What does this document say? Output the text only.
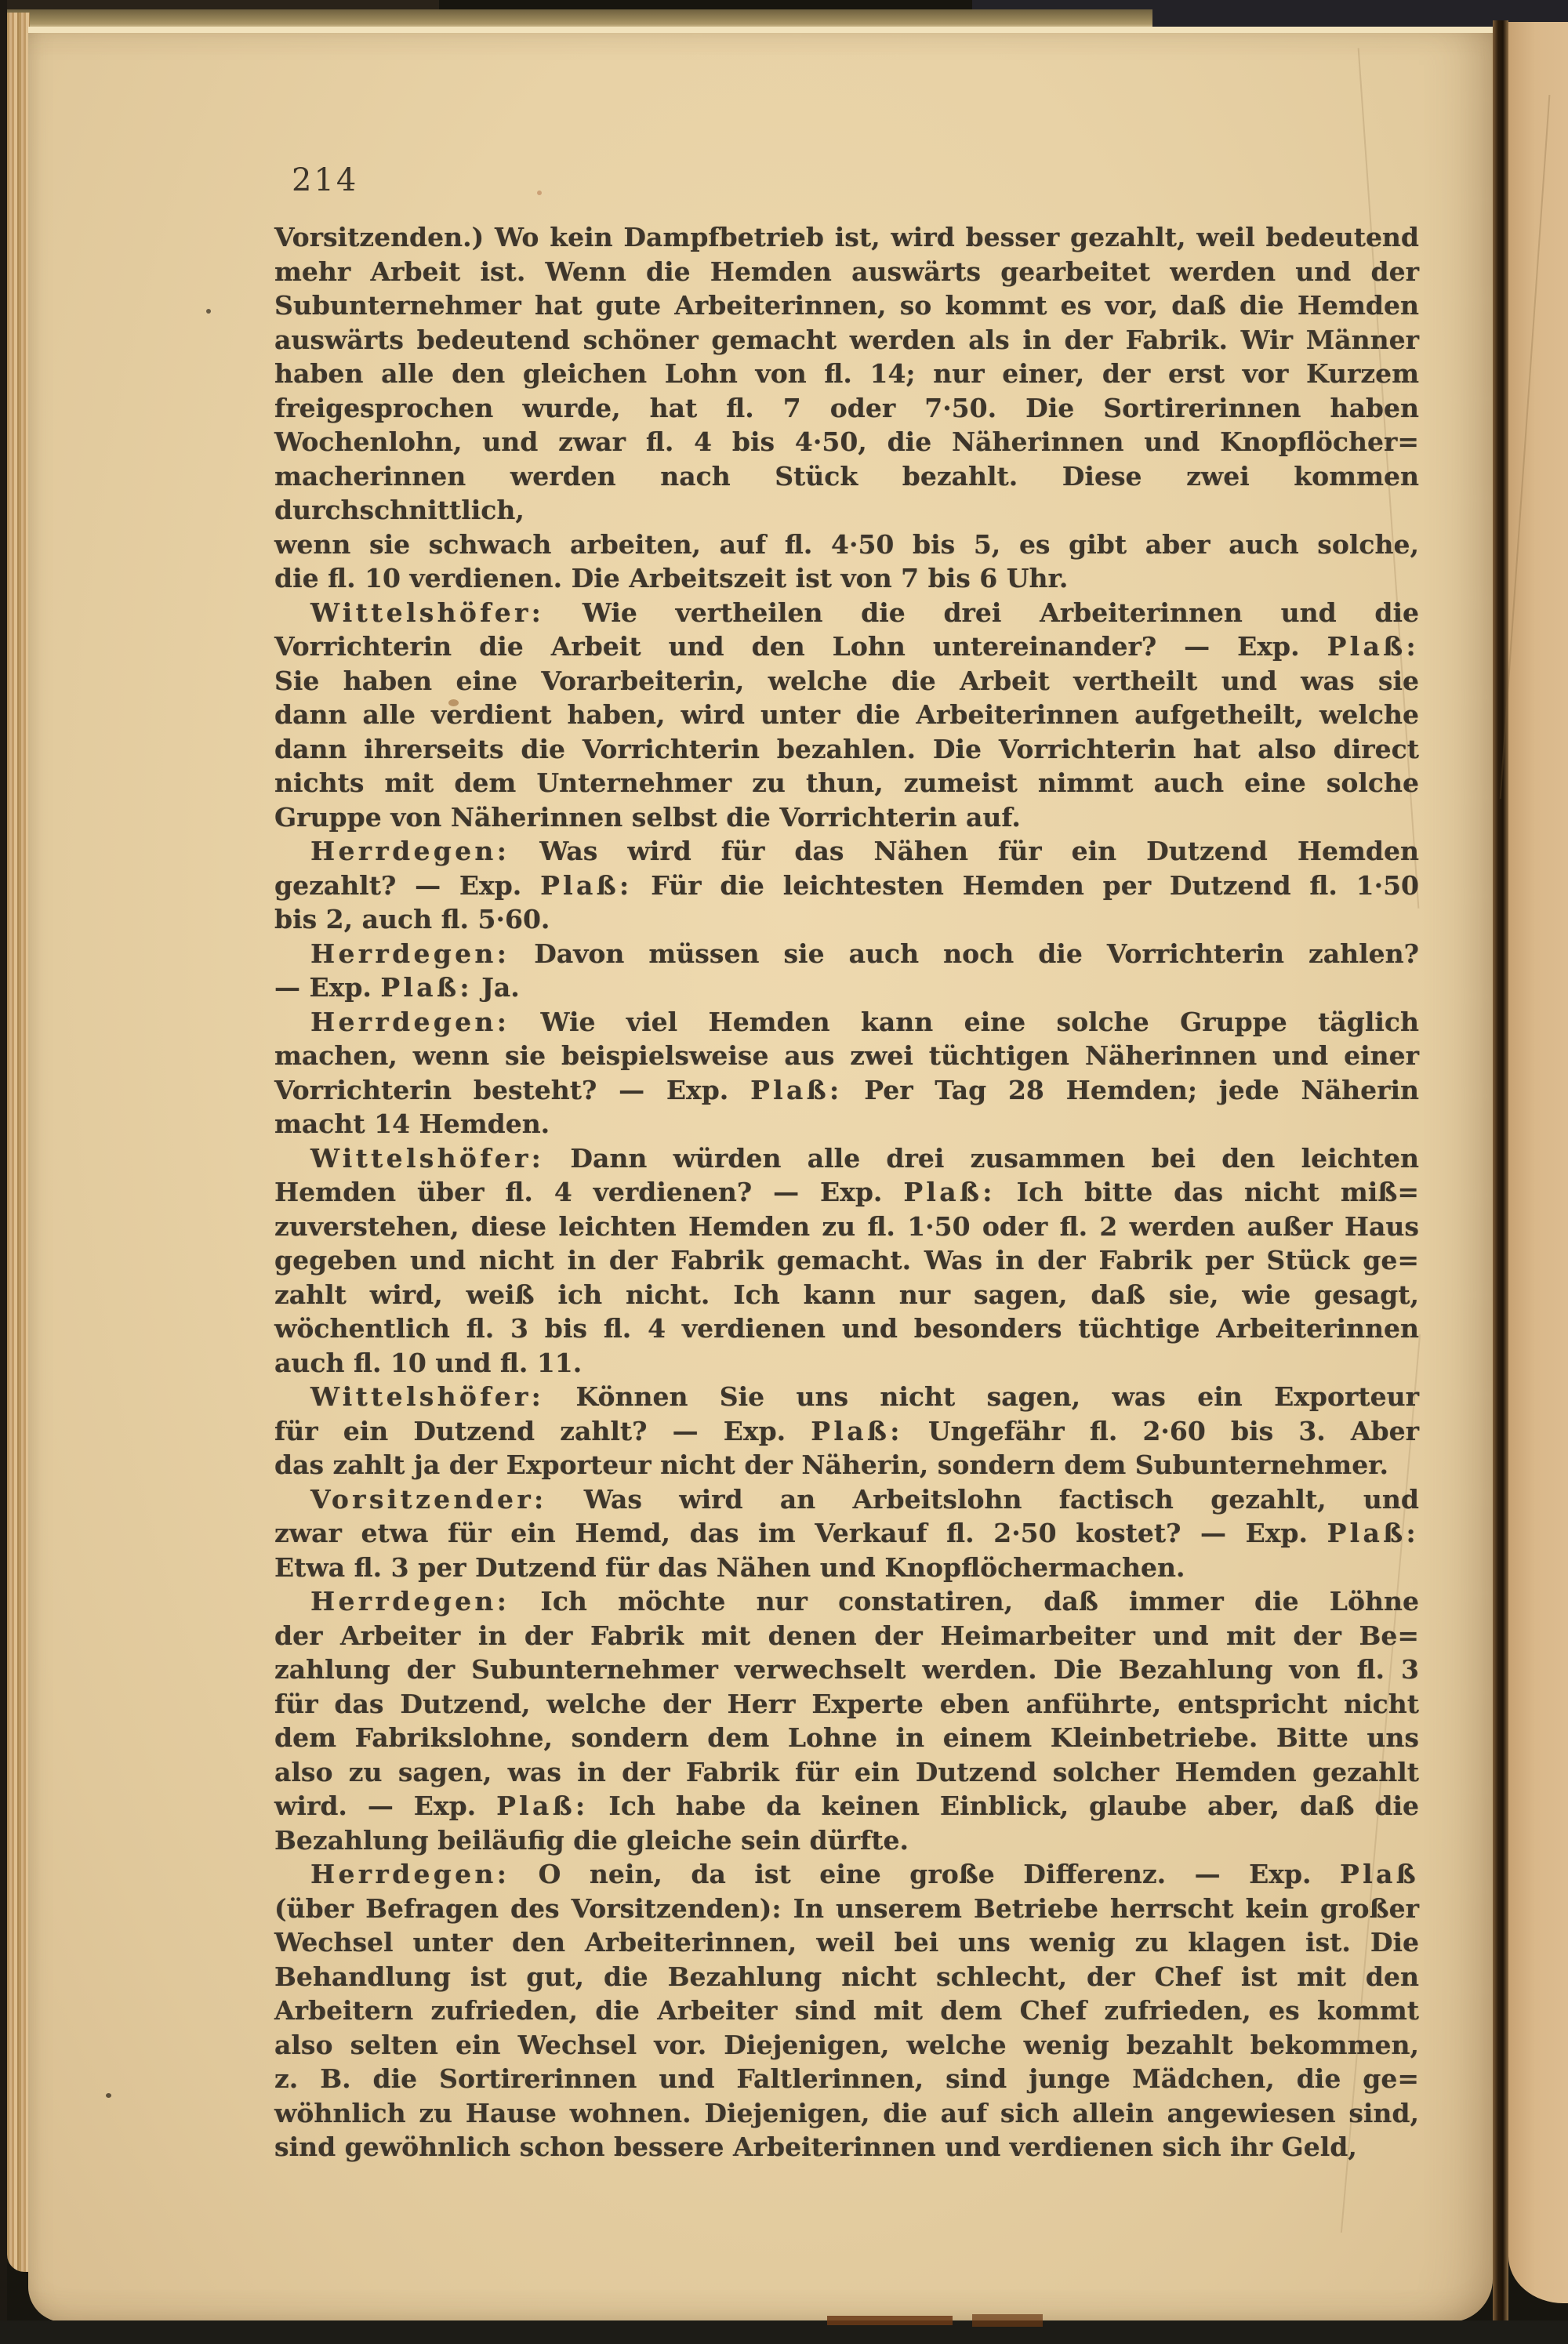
214
Vorsitzenden.) Wo kein Dampfbetrieb ist, wird besser gezahlt, weil bedeutend
mehr Arbeit ist. Wenn die Hemden auswärts gearbeitet werden und der
Subunternehmer hat gute Arbeiterinnen, so kommt es vor, daß die Hemden
auswärts bedeutend schöner gemacht werden als in der Fabrik. Wir Männer
haben alle den gleichen Lohn von fl. 14; nur einer, der erst vor Kurzem
freigesprochen wurde, hat fl. 7 oder 7·50. Die Sortirerinnen haben
Wochenlohn, und zwar fl. 4 bis 4·50, die Näherinnen und Knopflöcher=
macherinnen werden nach Stück bezahlt. Diese zwei kommen durchschnittlich,
wenn sie schwach arbeiten, auf fl. 4·50 bis 5, es gibt aber auch solche,
die fl. 10 verdienen. Die Arbeitszeit ist von 7 bis 6 Uhr.
Wittelshöfer: Wie vertheilen die drei Arbeiterinnen und die
Vorrichterin die Arbeit und den Lohn untereinander? — Exp. Plaß:
Sie haben eine Vorarbeiterin, welche die Arbeit vertheilt und was sie
dann alle verdient haben, wird unter die Arbeiterinnen aufgetheilt, welche
dann ihrerseits die Vorrichterin bezahlen. Die Vorrichterin hat also direct
nichts mit dem Unternehmer zu thun, zumeist nimmt auch eine solche
Gruppe von Näherinnen selbst die Vorrichterin auf.
Herrdegen: Was wird für das Nähen für ein Dutzend Hemden
gezahlt? — Exp. Plaß: Für die leichtesten Hemden per Dutzend fl. 1·50
bis 2, auch fl. 5·60.
Herrdegen: Davon müssen sie auch noch die Vorrichterin zahlen?
— Exp. Plaß: Ja.
Herrdegen: Wie viel Hemden kann eine solche Gruppe täglich
machen, wenn sie beispielsweise aus zwei tüchtigen Näherinnen und einer
Vorrichterin besteht? — Exp. Plaß: Per Tag 28 Hemden; jede Näherin
macht 14 Hemden.
Wittelshöfer: Dann würden alle drei zusammen bei den leichten
Hemden über fl. 4 verdienen? — Exp. Plaß: Ich bitte das nicht miß=
zuverstehen, diese leichten Hemden zu fl. 1·50 oder fl. 2 werden außer Haus
gegeben und nicht in der Fabrik gemacht. Was in der Fabrik per Stück ge=
zahlt wird, weiß ich nicht. Ich kann nur sagen, daß sie, wie gesagt,
wöchentlich fl. 3 bis fl. 4 verdienen und besonders tüchtige Arbeiterinnen
auch fl. 10 und fl. 11.
Wittelshöfer: Können Sie uns nicht sagen, was ein Exporteur
für ein Dutzend zahlt? — Exp. Plaß: Ungefähr fl. 2·60 bis 3. Aber
das zahlt ja der Exporteur nicht der Näherin, sondern dem Subunternehmer.
Vorsitzender: Was wird an Arbeitslohn factisch gezahlt, und
zwar etwa für ein Hemd, das im Verkauf fl. 2·50 kostet? — Exp. Plaß:
Etwa fl. 3 per Dutzend für das Nähen und Knopflöchermachen.
Herrdegen: Ich möchte nur constatiren, daß immer die Löhne
der Arbeiter in der Fabrik mit denen der Heimarbeiter und mit der Be=
zahlung der Subunternehmer verwechselt werden. Die Bezahlung von fl. 3
für das Dutzend, welche der Herr Experte eben anführte, entspricht nicht
dem Fabrikslohne, sondern dem Lohne in einem Kleinbetriebe. Bitte uns
also zu sagen, was in der Fabrik für ein Dutzend solcher Hemden gezahlt
wird. — Exp. Plaß: Ich habe da keinen Einblick, glaube aber, daß die
Bezahlung beiläufig die gleiche sein dürfte.
Herrdegen: O nein, da ist eine große Differenz. — Exp. Plaß
(über Befragen des Vorsitzenden): In unserem Betriebe herrscht kein großer
Wechsel unter den Arbeiterinnen, weil bei uns wenig zu klagen ist. Die
Behandlung ist gut, die Bezahlung nicht schlecht, der Chef ist mit den
Arbeitern zufrieden, die Arbeiter sind mit dem Chef zufrieden, es kommt
also selten ein Wechsel vor. Diejenigen, welche wenig bezahlt bekommen,
z. B. die Sortirerinnen und Faltlerinnen, sind junge Mädchen, die ge=
wöhnlich zu Hause wohnen. Diejenigen, die auf sich allein angewiesen sind,
sind gewöhnlich schon bessere Arbeiterinnen und verdienen sich ihr Geld,
